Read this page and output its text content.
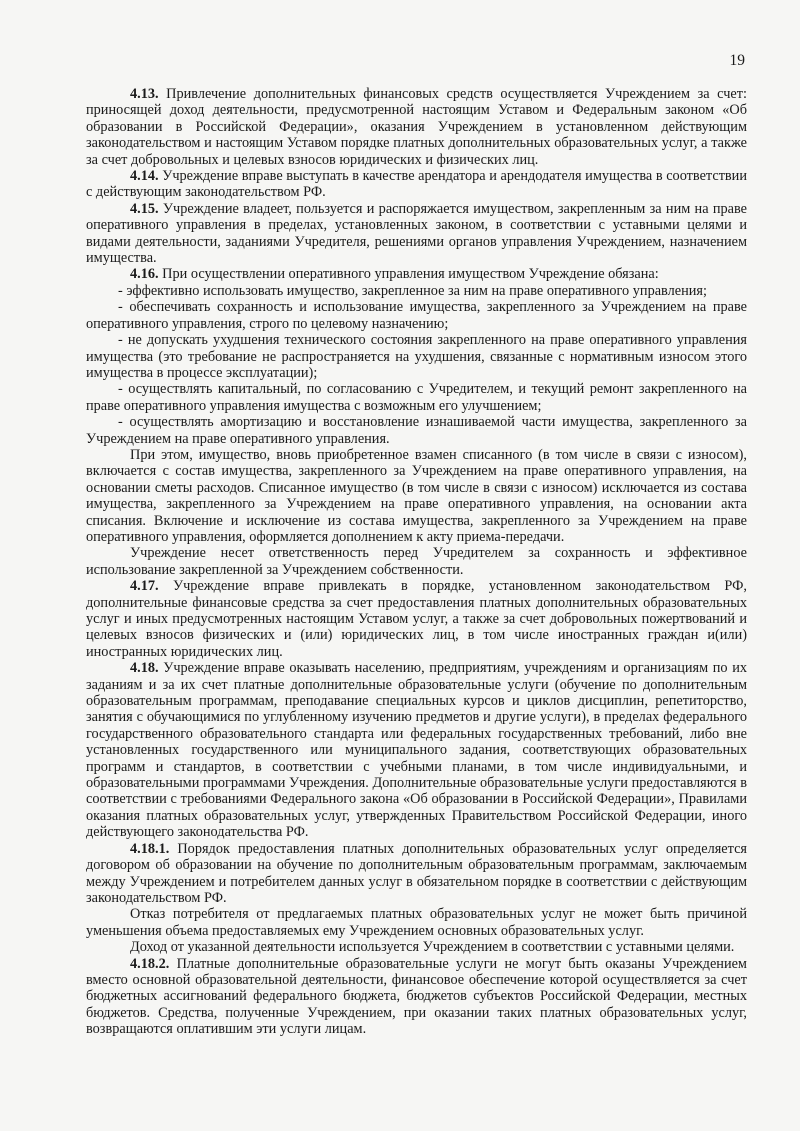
19

4.13. Привлечение дополнительных финансовых средств осуществляется Учреждением за счет: приносящей доход деятельности, предусмотренной настоящим Уставом и Федеральным законом «Об образовании в Российской Федерации», оказания Учреждением в установленном действующим законодательством и настоящим Уставом порядке платных дополнительных образовательных услуг, а также за счет добровольных и целевых взносов юридических и физических лиц.

4.14. Учреждение вправе выступать в качестве арендатора и арендодателя имущества в соответствии с действующим законодательством РФ.

4.15. Учреждение владеет, пользуется и распоряжается имуществом, закрепленным за ним на праве оперативного управления в пределах, установленных законом, в соответствии с уставными целями и видами деятельности, заданиями Учредителя, решениями органов управления Учреждением, назначением имущества.

4.16. При осуществлении оперативного управления имуществом Учреждение обязана:

- эффективно использовать имущество, закрепленное за ним на праве оперативного управления;

- обеспечивать сохранность и использование имущества, закрепленного за Учреждением на праве оперативного управления, строго по целевому назначению;

- не допускать ухудшения технического состояния закрепленного на праве оперативного управления имущества (это требование не распространяется на ухудшения, связанные с нормативным износом этого имущества в процессе эксплуатации);

- осуществлять капитальный, по согласованию с Учредителем, и текущий ремонт закрепленного на праве оперативного управления имущества с возможным его улучшением;

- осуществлять амортизацию и восстановление изнашиваемой части имущества, закрепленного за Учреждением на праве оперативного управления.

При этом, имущество, вновь приобретенное взамен списанного (в том числе в связи с износом), включается с состав имущества, закрепленного за Учреждением на праве оперативного управления, на основании сметы расходов. Списанное имущество (в том числе в связи с износом) исключается из состава имущества, закрепленного за Учреждением на праве оперативного управления, на основании акта списания. Включение и исключение из состава имущества, закрепленного за Учреждением на праве оперативного управления, оформляется дополнением к акту приема-передачи.

Учреждение несет ответственность перед Учредителем за сохранность и эффективное использование закрепленной за Учреждением собственности.

4.17. Учреждение вправе привлекать в порядке, установленном законодательством РФ, дополнительные финансовые средства за счет предоставления платных дополнительных образовательных услуг и иных предусмотренных настоящим Уставом услуг, а также за счет добровольных пожертвований и целевых взносов физических и (или) юридических лиц, в том числе иностранных граждан и(или) иностранных юридических лиц.

4.18. Учреждение вправе оказывать населению, предприятиям, учреждениям и организациям по их заданиям и за их счет платные дополнительные образовательные услуги (обучение по дополнительным образовательным программам, преподавание специальных курсов и циклов дисциплин, репетиторство, занятия с обучающимися по углубленному изучению предметов и другие услуги), в пределах федерального государственного образовательного стандарта или федеральных государственных требований, либо вне установленных государственного или муниципального задания, соответствующих образовательных программ и стандартов, в соответствии с учебными планами, в том числе индивидуальными, и образовательными программами Учреждения. Дополнительные образовательные услуги предоставляются в соответствии с требованиями Федерального закона «Об образовании в Российской Федерации», Правилами оказания платных образовательных услуг, утвержденных Правительством Российской Федерации, иного действующего законодательства РФ.

4.18.1. Порядок предоставления платных дополнительных образовательных услуг определяется договором об образовании на обучение по дополнительным образовательным программам, заключаемым между Учреждением и потребителем данных услуг в обязательном порядке в соответствии с действующим законодательством РФ.

Отказ потребителя от предлагаемых платных образовательных услуг не может быть причиной уменьшения объема предоставляемых ему Учреждением основных образовательных услуг.

Доход от указанной деятельности используется Учреждением в соответствии с уставными целями.

4.18.2. Платные дополнительные образовательные услуги не могут быть оказаны Учреждением вместо основной образовательной деятельности, финансовое обеспечение которой осуществляется за счет бюджетных ассигнований федерального бюджета, бюджетов субъектов Российской Федерации, местных бюджетов. Средства, полученные Учреждением, при оказании таких платных образовательных услуг, возвращаются оплатившим эти услуги лицам.
